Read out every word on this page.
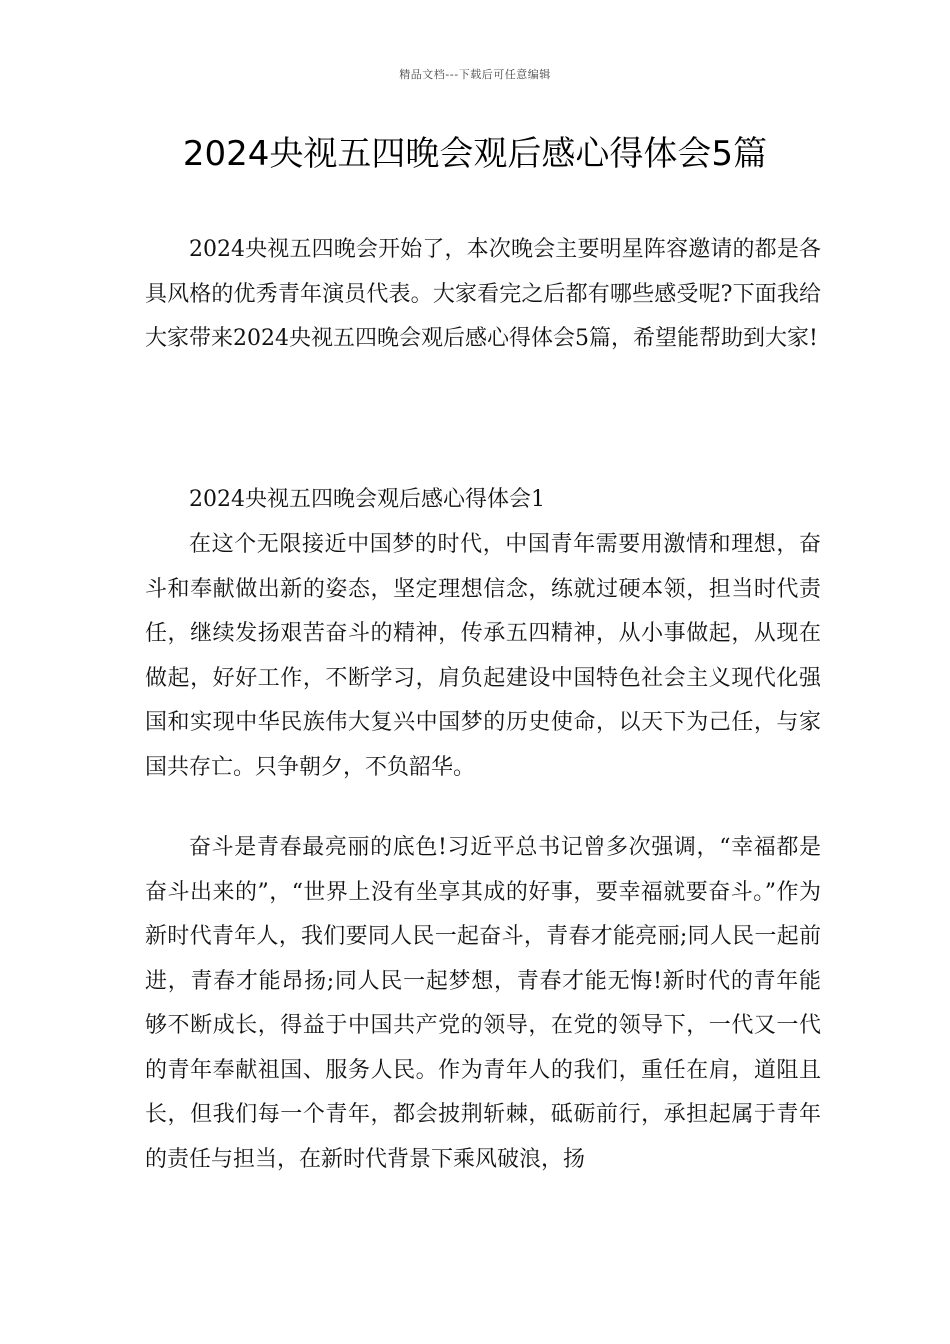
精品文档---下载后可任意编辑
2024央视五四晚会观后感心得体会5篇

2024央视五四晚会开始了，本次晚会主要明星阵容邀请的都是各具风格的优秀青年演员代表。大家看完之后都有哪些感受呢?下面我给大家带来2024央视五四晚会观后感心得体会5篇，希望能帮助到大家!

2024央视五四晚会观后感心得体会1

在这个无限接近中国梦的时代，中国青年需要用激情和理想，奋斗和奉献做出新的姿态，坚定理想信念，练就过硬本领，担当时代责任，继续发扬艰苦奋斗的精神，传承五四精神，从小事做起，从现在做起，好好工作，不断学习，肩负起建设中国特色社会主义现代化强国和实现中华民族伟大复兴中国梦的历史使命，以天下为己任，与家国共存亡。只争朝夕，不负韶华。

奋斗是青春最亮丽的底色!习近平总书记曾多次强调，“幸福都是奋斗出来的”，“世界上没有坐享其成的好事，要幸福就要奋斗。”作为新时代青年人，我们要同人民一起奋斗，青春才能亮丽;同人民一起前进，青春才能昂扬;同人民一起梦想，青春才能无悔!新时代的青年能够不断成长，得益于中国共产党的领导，在党的领导下，一代又一代的青年奉献祖国、服务人民。作为青年人的我们，重任在肩，道阻且长，但我们每一个青年，都会披荆斩棘，砥砺前行，承担起属于青年的责任与担当，在新时代背景下乘风破浪，扬
